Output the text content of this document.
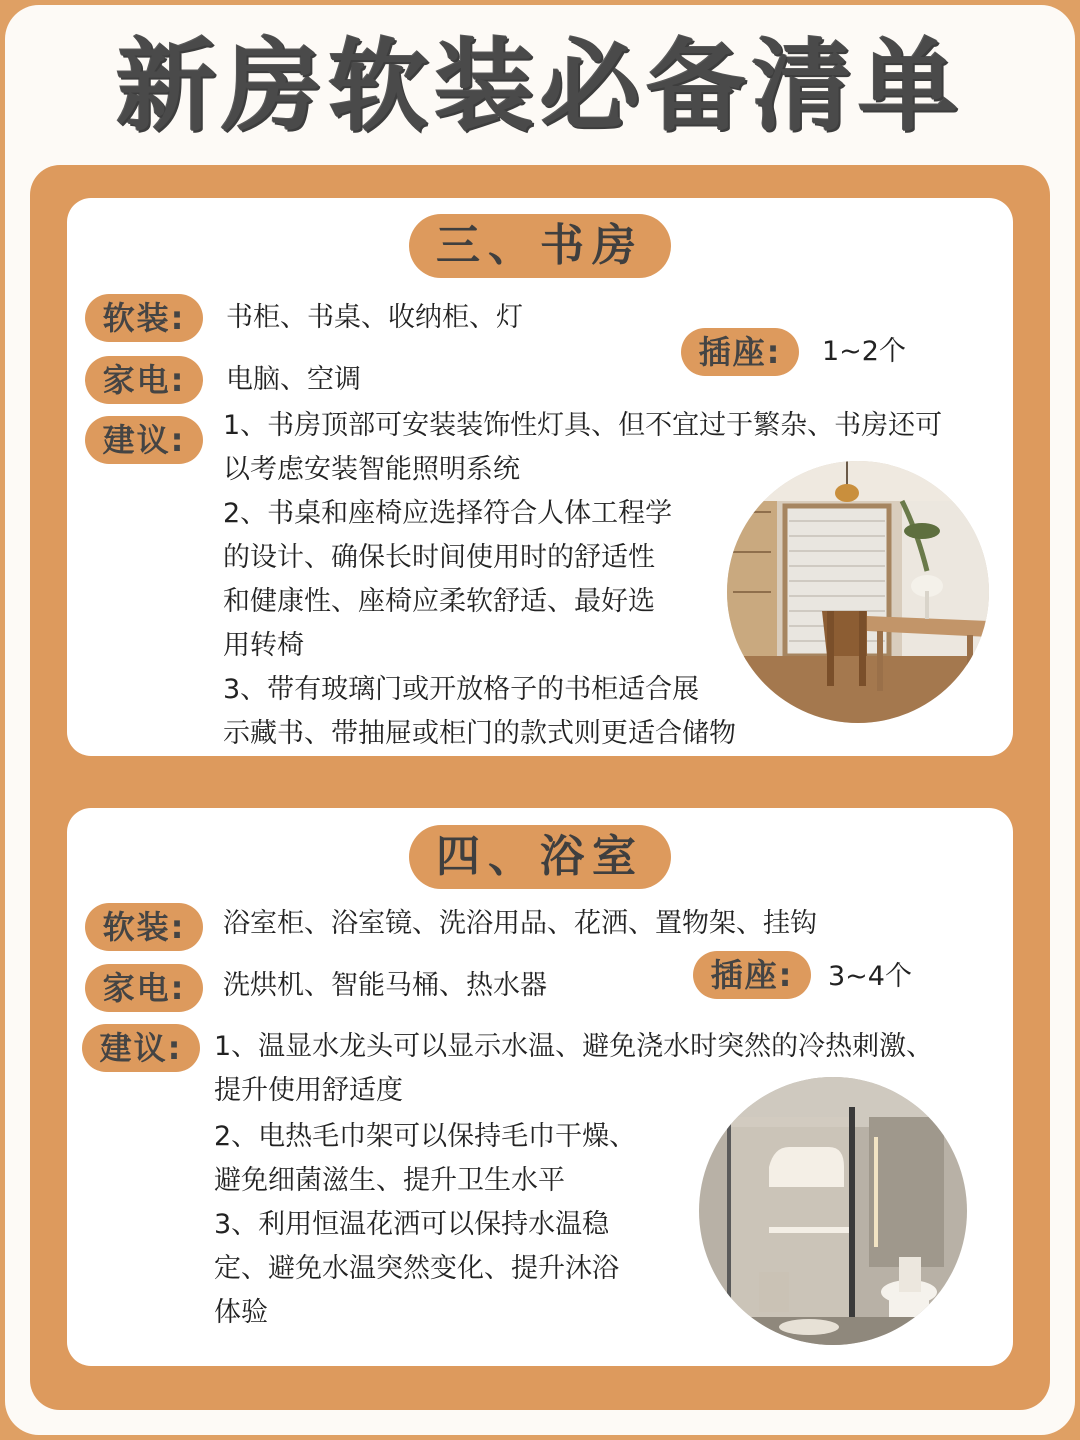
新房软装必备清单
三、书房
软装:	书柜、书桌、收纳柜、灯
家电:	电脑、空调
插座:	1~2个
建议:	1、书房顶部可安装装饰性灯具、但不宜过于繁杂、书房还可
以考虑安装智能照明系统
2、书桌和座椅应选择符合人体工程学
的设计、确保长时间使用时的舒适性
和健康性、座椅应柔软舒适、最好选
用转椅
3、带有玻璃门或开放格子的书柜适合展
示藏书、带抽屉或柜门的款式则更适合储物
四、浴室
软装:	浴室柜、浴室镜、洗浴用品、花洒、置物架、挂钩
家电:	洗烘机、智能马桶、热水器	插座:	3~4个
建议:	1、温显水龙头可以显示水温、避免浇水时突然的冷热刺激、
提升使用舒适度
2、电热毛巾架可以保持毛巾干燥、
避免细菌滋生、提升卫生水平
3、利用恒温花洒可以保持水温稳
定、避免水温突然变化、提升沐浴
体验
